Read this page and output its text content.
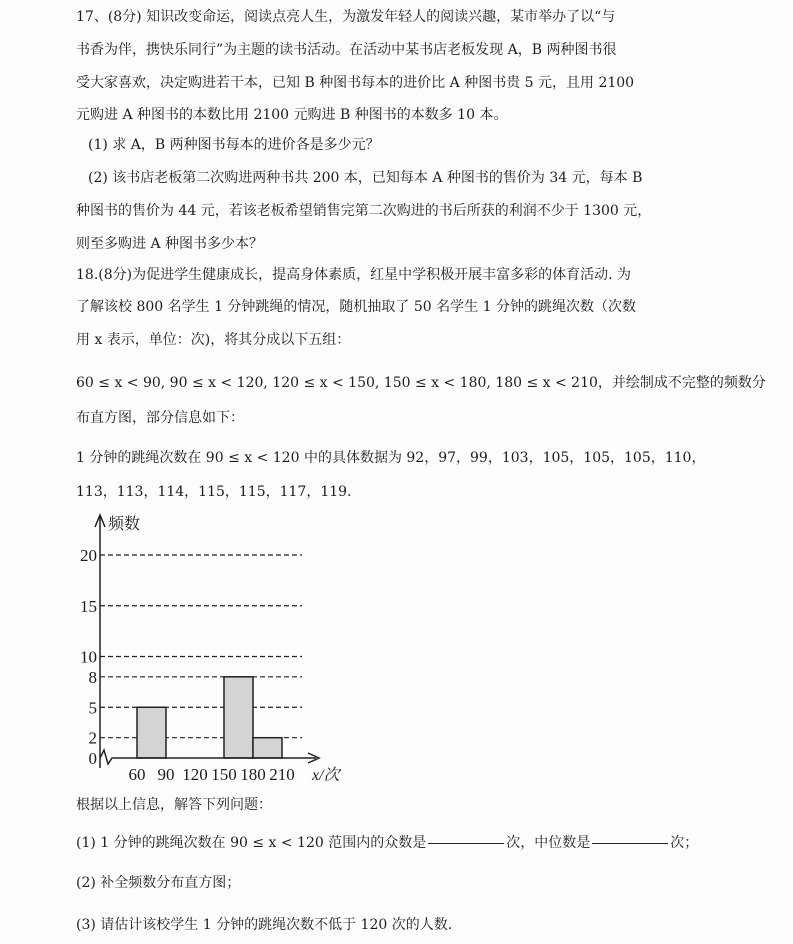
17、(8分) 知识改变命运，阅读点亮人生，为激发年轻人的阅读兴趣，某市举办了以“与
书香为伴，携快乐同行”为主题的读书活动。在活动中某书店老板发现 A，B 两种图书很
受大家喜欢，决定购进若干本，已知 B 种图书每本的进价比 A 种图书贵 5 元，且用 2100
元购进 A 种图书的本数比用 2100 元购进 B 种图书的本数多 10 本。
(1) 求 A，B 两种图书每本的进价各是多少元？
(2) 该书店老板第二次购进两种书共 200 本，已知每本 A 种图书的售价为 34 元，每本 B
种图书的售价为 44 元，若该老板希望销售完第二次购进的书后所获的利润不少于 1300 元，
则至多购进 A 种图书多少本？
18.(8分)为促进学生健康成长，提高身体素质，红星中学积极开展丰富多彩的体育活动. 为
了解该校 800 名学生 1 分钟跳绳的情况，随机抽取了 50 名学生 1 分钟的跳绳次数（次数
用 x 表示，单位：次)，将其分成以下五组：
60 ≤ x < 90, 90 ≤ x < 120, 120 ≤ x < 150, 150 ≤ x < 180, 180 ≤ x < 210，并绘制成不完整的频数分
布直方图，部分信息如下：
1 分钟的跳绳次数在 90 ≤ x < 120 中的具体数据为 92，97，99，103，105，105，105，110，
113，113，114，115，115，117，119.
0
2
5
8
10
15
20
60 90 120 150 180 210
频数
x/次
根据以上信息，解答下列问题：
(1) 1 分钟的跳绳次数在 90 ≤ x < 120 范围内的众数是	次，中位数是	次；
(2) 补全频数分布直方图；
(3) 请估计该校学生 1 分钟的跳绳次数不低于 120 次的人数.
